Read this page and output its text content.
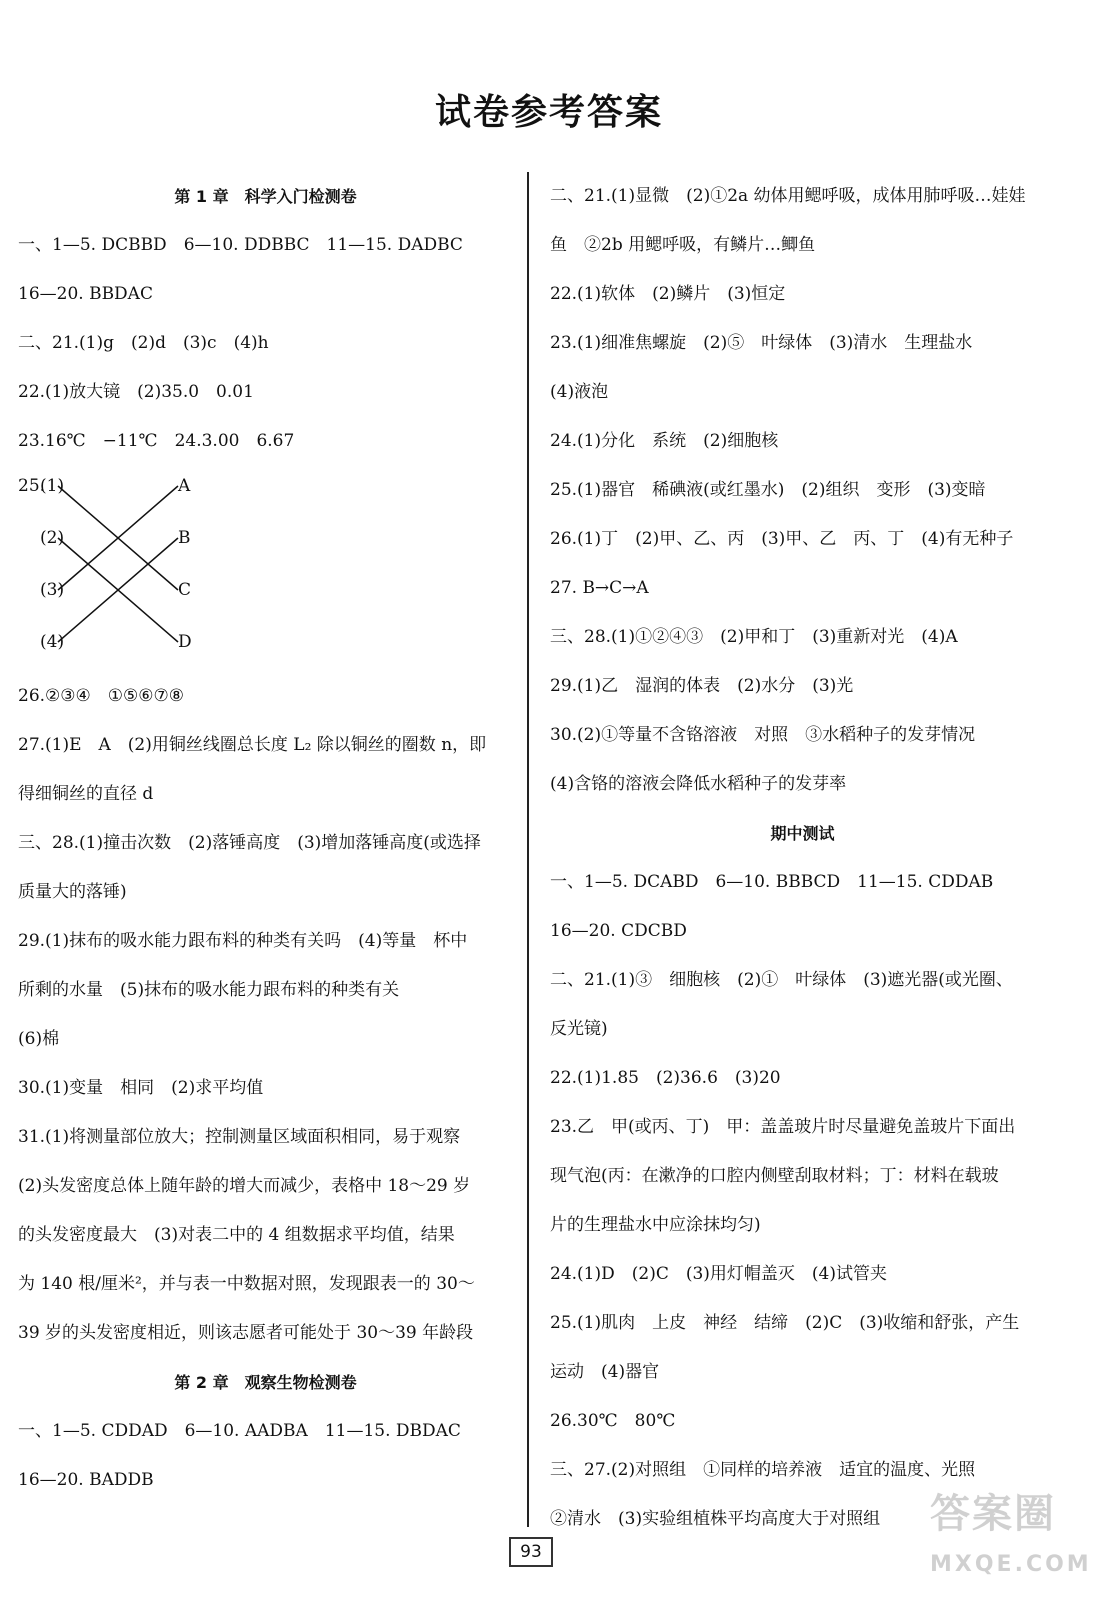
试卷参考答案
第 1 章　科学入门检测卷
一、1—5. DCBBD　6—10. DDBBC　11—15. DADBC
16—20. BBDAC
二、21.(1)g　(2)d　(3)c　(4)h
22.(1)放大镜　(2)35.0　0.01
23.16℃　−11℃　24.3.00　6.67
25.
(1)
(2)
(3)
(4)
A
B
C
D
26.②③④　①⑤⑥⑦⑧
27.(1)E　A　(2)用铜丝线圈总长度 L₂ 除以铜丝的圈数 n，即
得细铜丝的直径 d
三、28.(1)撞击次数　(2)落锤高度　(3)增加落锤高度(或选择
质量大的落锤)
29.(1)抹布的吸水能力跟布料的种类有关吗　(4)等量　杯中
所剩的水量　(5)抹布的吸水能力跟布料的种类有关
(6)棉
30.(1)变量　相同　(2)求平均值
31.(1)将测量部位放大；控制测量区域面积相同，易于观察
(2)头发密度总体上随年龄的增大而减少，表格中 18～29 岁
的头发密度最大　(3)对表二中的 4 组数据求平均值，结果
为 140 根/厘米²，并与表一中数据对照，发现跟表一的 30～
39 岁的头发密度相近，则该志愿者可能处于 30～39 年龄段
第 2 章　观察生物检测卷
一、1—5. CDDAD　6—10. AADBA　11—15. DBDAC
16—20. BADDB
二、21.(1)显微　(2)①2a 幼体用鳃呼吸，成体用肺呼吸…娃娃
鱼　②2b 用鳃呼吸，有鳞片…鲫鱼
22.(1)软体　(2)鳞片　(3)恒定
23.(1)细准焦螺旋　(2)⑤　叶绿体　(3)清水　生理盐水
(4)液泡
24.(1)分化　系统　(2)细胞核
25.(1)器官　稀碘液(或红墨水)　(2)组织　变形　(3)变暗
26.(1)丁　(2)甲、乙、丙　(3)甲、乙　丙、丁　(4)有无种子
27. B→C→A
三、28.(1)①②④③　(2)甲和丁　(3)重新对光　(4)A
29.(1)乙　湿润的体表　(2)水分　(3)光
30.(2)①等量不含铬溶液　对照　③水稻种子的发芽情况
(4)含铬的溶液会降低水稻种子的发芽率
期中测试
一、1—5. DCABD　6—10. BBBCD　11—15. CDDAB
16—20. CDCBD
二、21.(1)③　细胞核　(2)①　叶绿体　(3)遮光器(或光圈、
反光镜)
22.(1)1.85　(2)36.6　(3)20
23.乙　甲(或丙、丁)　甲：盖盖玻片时尽量避免盖玻片下面出
现气泡(丙：在漱净的口腔内侧壁刮取材料；丁：材料在载玻
片的生理盐水中应涂抹均匀)
24.(1)D　(2)C　(3)用灯帽盖灭　(4)试管夹
25.(1)肌肉　上皮　神经　结缔　(2)C　(3)收缩和舒张，产生
运动　(4)器官
26.30℃　80℃
三、27.(2)对照组　①同样的培养液　适宜的温度、光照
②清水　(3)实验组植株平均高度大于对照组
93
答案圈
MXQE.COM
